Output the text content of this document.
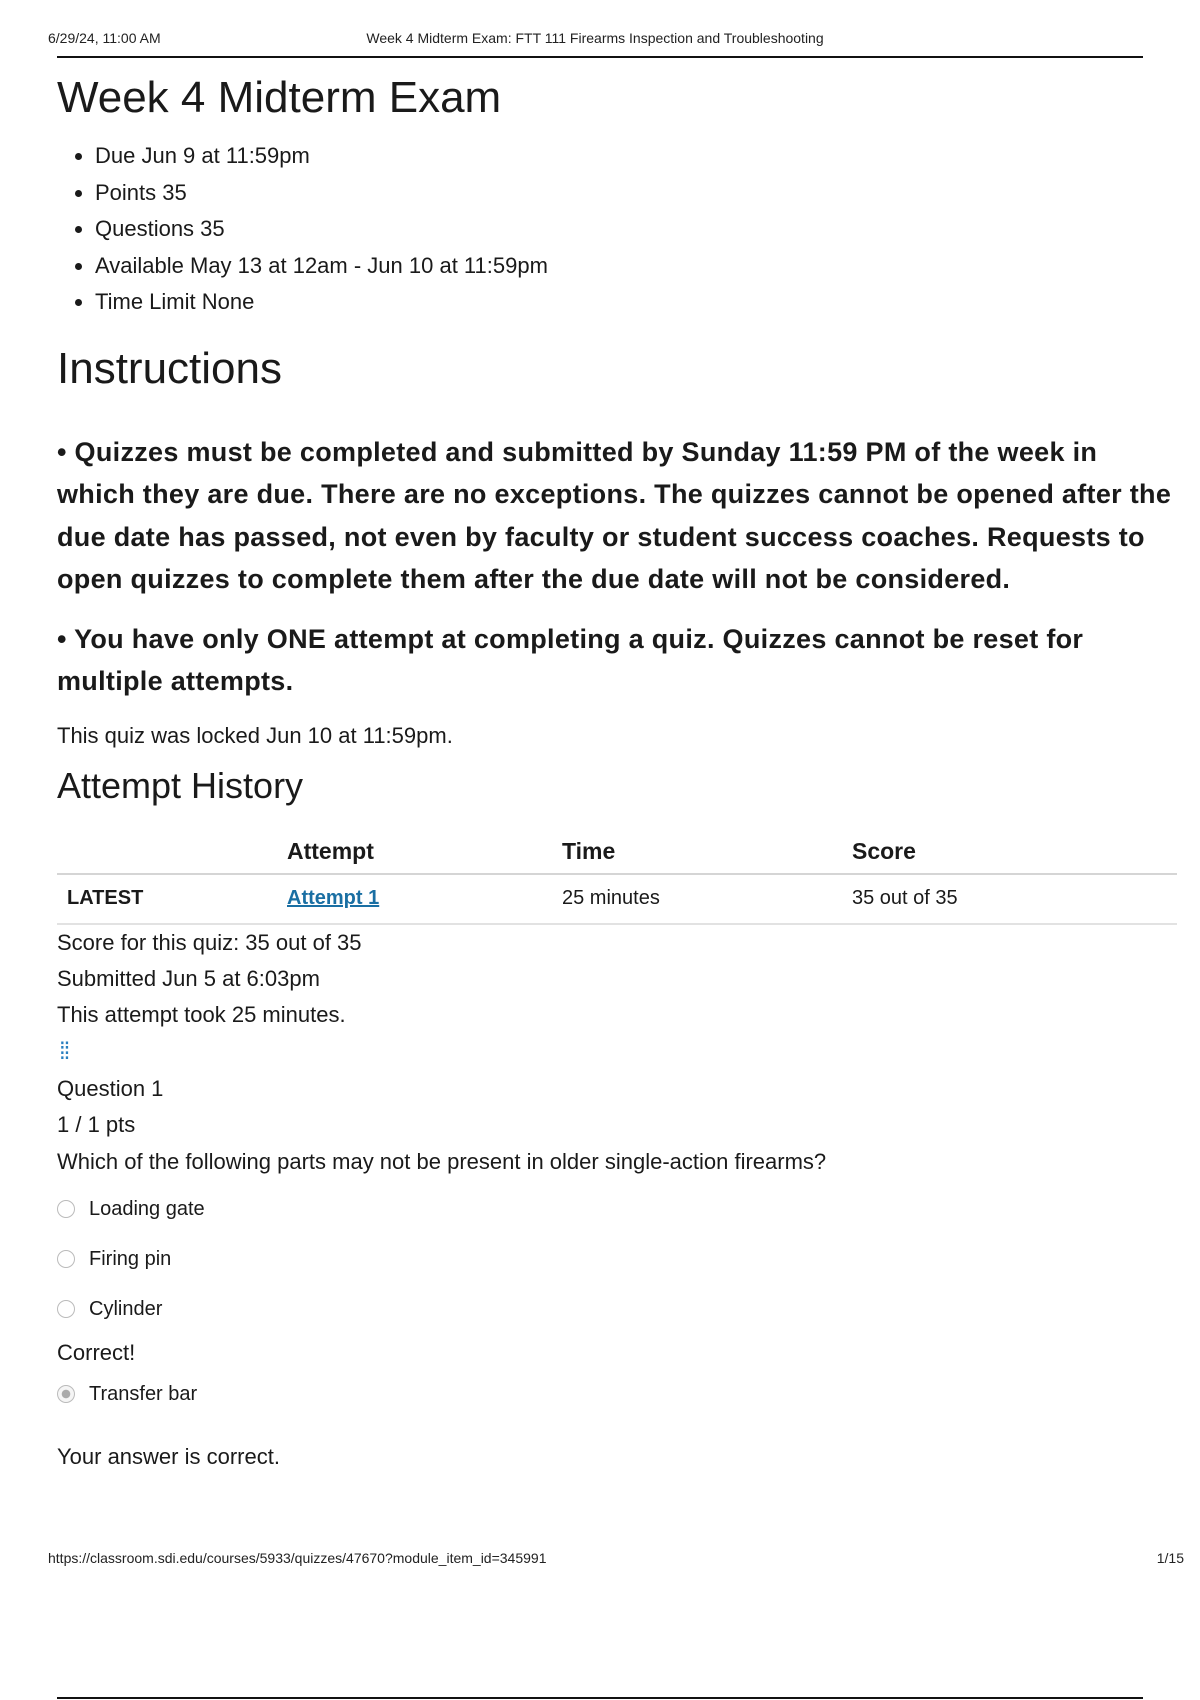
6/29/24, 11:00 AM	Week 4 Midterm Exam: FTT 111 Firearms Inspection and Troubleshooting
Week 4 Midterm Exam
• Due Jun 9 at 11:59pm
• Points 35
• Questions 35
• Available May 13 at 12am - Jun 10 at 11:59pm
• Time Limit None
Instructions

• Quizzes must be completed and submitted by Sunday 11:59 PM of the week in which they are due. There are no exceptions. The quizzes cannot be opened after the due date has passed, not even by faculty or student success coaches. Requests to open quizzes to complete them after the due date will not be considered.

• You have only ONE attempt at completing a quiz. Quizzes cannot be reset for multiple attempts.

This quiz was locked Jun 10 at 11:59pm.
Attempt History
	Attempt	Time	Score
LATEST	Attempt 1	25 minutes	35 out of 35
Score for this quiz: 35 out of 35
Submitted Jun 5 at 6:03pm
This attempt took 25 minutes.
⁞⁞
Question 1
1 / 1 pts
Which of the following parts may not be present in older single-action firearms?
Loading gate
Firing pin
Cylinder
Correct!
Transfer bar
Your answer is correct.
https://classroom.sdi.edu/courses/5933/quizzes/47670?module_item_id=345991	1/15
